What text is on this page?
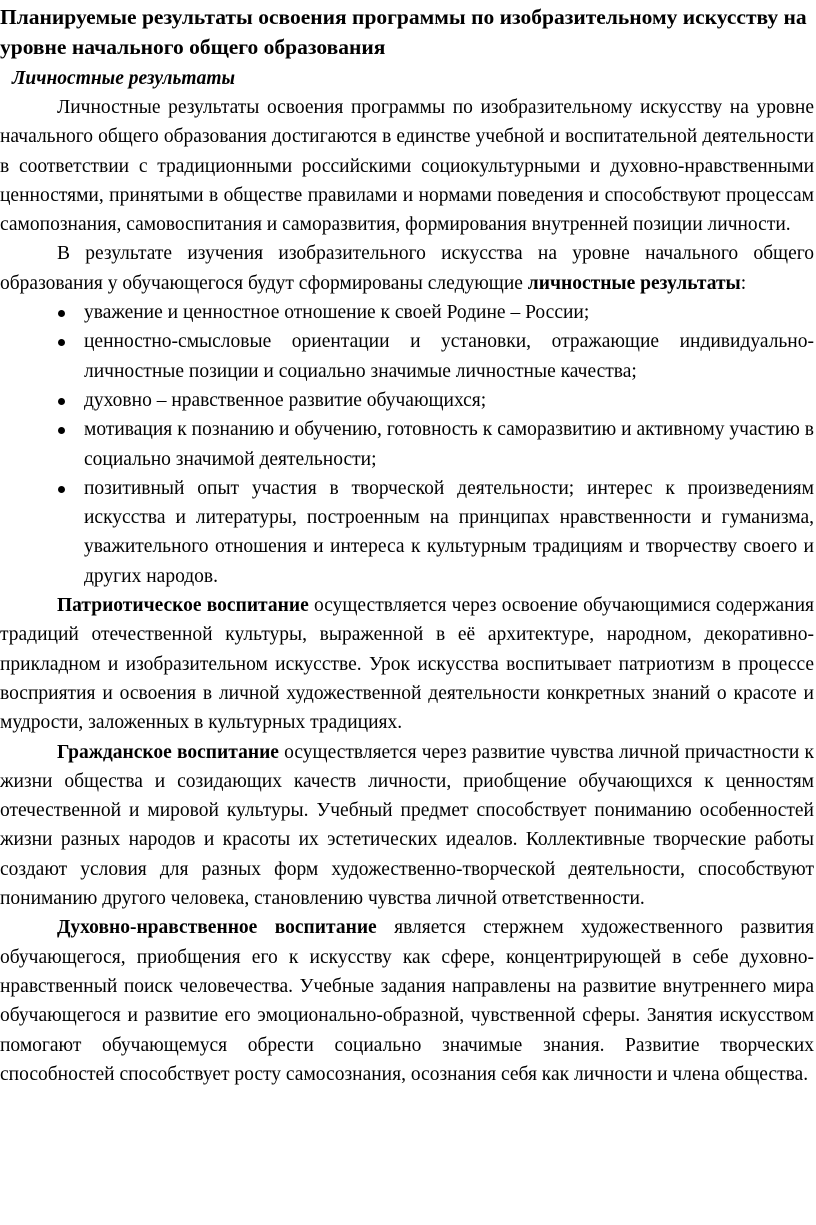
Планируемые результаты освоения программы по изобразительному искусству на уровне начального общего образования
Личностные результаты

Личностные результаты освоения программы по изобразительному искусству на уровне начального общего образования достигаются в единстве учебной и воспитательной деятельности в соответствии с традиционными российскими социокультурными и духовно-нравственными ценностями, принятыми в обществе правилами и нормами поведения и способствуют процессам самопознания, самовоспитания и саморазвития, формирования внутренней позиции личности.

В результате изучения изобразительного искусства на уровне начального общего образования у обучающегося будут сформированы следующие личностные результаты:

уважение и ценностное отношение к своей Родине – России;
ценностно-смысловые ориентации и установки, отражающие индивидуально-личностные позиции и социально значимые личностные качества;
духовно – нравственное развитие обучающихся;
мотивация к познанию и обучению, готовность к саморазвитию и активному участию в социально значимой деятельности;
позитивный опыт участия в творческой деятельности; интерес к произведениям искусства и литературы, построенным на принципах нравственности и гуманизма, уважительного отношения и интереса к культурным традициям и творчеству своего и других народов.

Патриотическое воспитание осуществляется через освоение обучающимися содержания традиций отечественной культуры, выраженной в её архитектуре, народном, декоративно-прикладном и изобразительном искусстве. Урок искусства воспитывает патриотизм в процессе восприятия и освоения в личной художественной деятельности конкретных знаний о красоте и мудрости, заложенных в культурных традициях.

Гражданское воспитание осуществляется через развитие чувства личной причастности к жизни общества и созидающих качеств личности, приобщение обучающихся к ценностям отечественной и мировой культуры. Учебный предмет способствует пониманию особенностей жизни разных народов и красоты их эстетических идеалов. Коллективные творческие работы создают условия для разных форм художественно-творческой деятельности, способствуют пониманию другого человека, становлению чувства личной ответственности.

Духовно-нравственное воспитание является стержнем художественного развития обучающегося, приобщения его к искусству как сфере, концентрирующей в себе духовно-нравственный поиск человечества. Учебные задания направлены на развитие внутреннего мира обучающегося и развитие его эмоционально-образной, чувственной сферы. Занятия искусством помогают обучающемуся обрести социально значимые знания. Развитие творческих способностей способствует росту самосознания, осознания себя как личности и члена общества.
